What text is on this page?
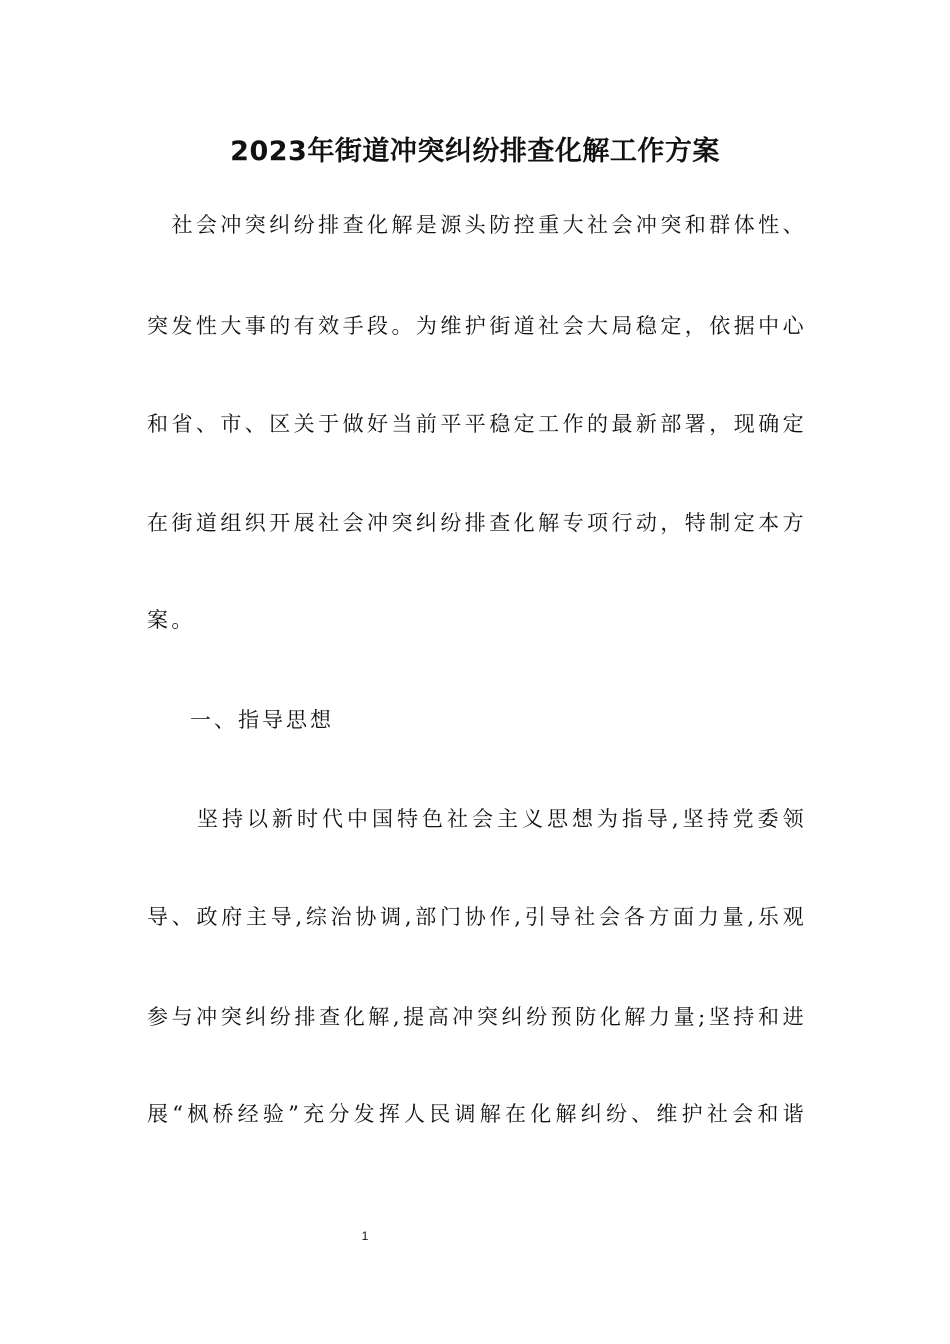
2023年街道冲突纠纷排查化解工作方案
　社会冲突纠纷排查化解是源头防控重大社会冲突和群体性、
突发性大事的有效手段。为维护街道社会大局稳定，依据中心
和省、市、区关于做好当前平平稳定工作的最新部署，现确定
在街道组织开展社会冲突纠纷排查化解专项行动，特制定本方
案。
一、指导思想
　　坚持以新时代中国特色社会主义思想为指导,坚持党委领
导、政府主导,综治协调,部门协作,引导社会各方面力量,乐观
参与冲突纠纷排查化解,提高冲突纠纷预防化解力量;坚持和进
展“枫桥经验”充分发挥人民调解在化解纠纷、维护社会和谐
1
